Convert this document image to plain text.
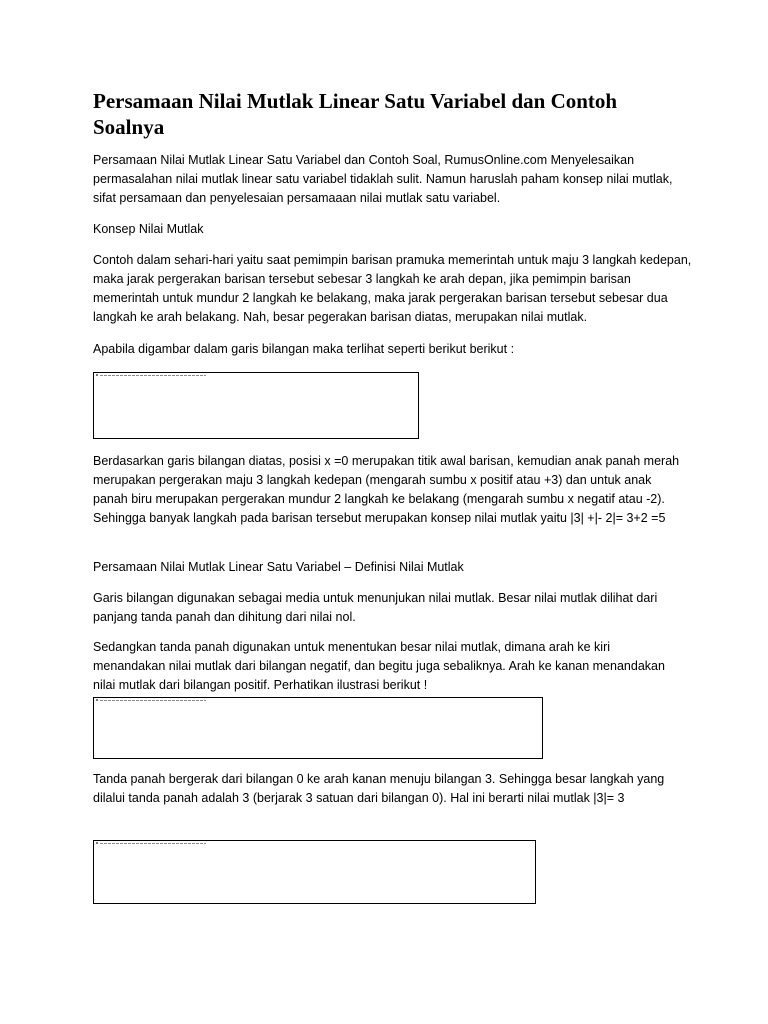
Persamaan Nilai Mutlak Linear Satu Variabel dan Contoh Soalnya

Persamaan Nilai Mutlak Linear Satu Variabel dan Contoh Soal, RumusOnline.com Menyelesaikan permasalahan nilai mutlak linear satu variabel tidaklah sulit. Namun haruslah paham konsep nilai mutlak, sifat persamaan dan penyelesaian persamaaan nilai mutlak satu variabel.

Konsep Nilai Mutlak

Contoh dalam sehari-hari yaitu saat pemimpin barisan pramuka memerintah untuk maju 3 langkah kedepan, maka jarak pergerakan barisan tersebut sebesar 3 langkah ke arah depan, jika pemimpin barisan memerintah untuk mundur 2 langkah ke belakang, maka jarak pergerakan barisan tersebut sebesar dua langkah ke arah belakang. Nah, besar pegerakan barisan diatas, merupakan nilai mutlak.

Apabila digambar dalam garis bilangan maka terlihat seperti berikut berikut :

Berdasarkan garis bilangan diatas, posisi x =0 merupakan titik awal barisan, kemudian anak panah merah merupakan pergerakan maju 3 langkah kedepan (mengarah sumbu x positif atau +3) dan untuk anak panah biru merupakan pergerakan mundur 2 langkah ke belakang (mengarah sumbu x negatif atau -2). Sehingga banyak langkah pada barisan tersebut merupakan konsep nilai mutlak yaitu |3| +|- 2|= 3+2 =5

Persamaan Nilai Mutlak Linear Satu Variabel – Definisi Nilai Mutlak

Garis bilangan digunakan sebagai media untuk menunjukan nilai mutlak. Besar nilai mutlak dilihat dari panjang tanda panah dan dihitung dari nilai nol.

Sedangkan tanda panah digunakan untuk menentukan besar nilai mutlak, dimana arah ke kiri menandakan nilai mutlak dari bilangan negatif, dan begitu juga sebaliknya. Arah ke kanan menandakan nilai mutlak dari bilangan positif. Perhatikan ilustrasi berikut !

Tanda panah bergerak dari bilangan 0 ke arah kanan menuju bilangan 3. Sehingga besar langkah yang dilalui tanda panah adalah 3 (berjarak 3 satuan dari bilangan 0). Hal ini berarti nilai mutlak |3|= 3
